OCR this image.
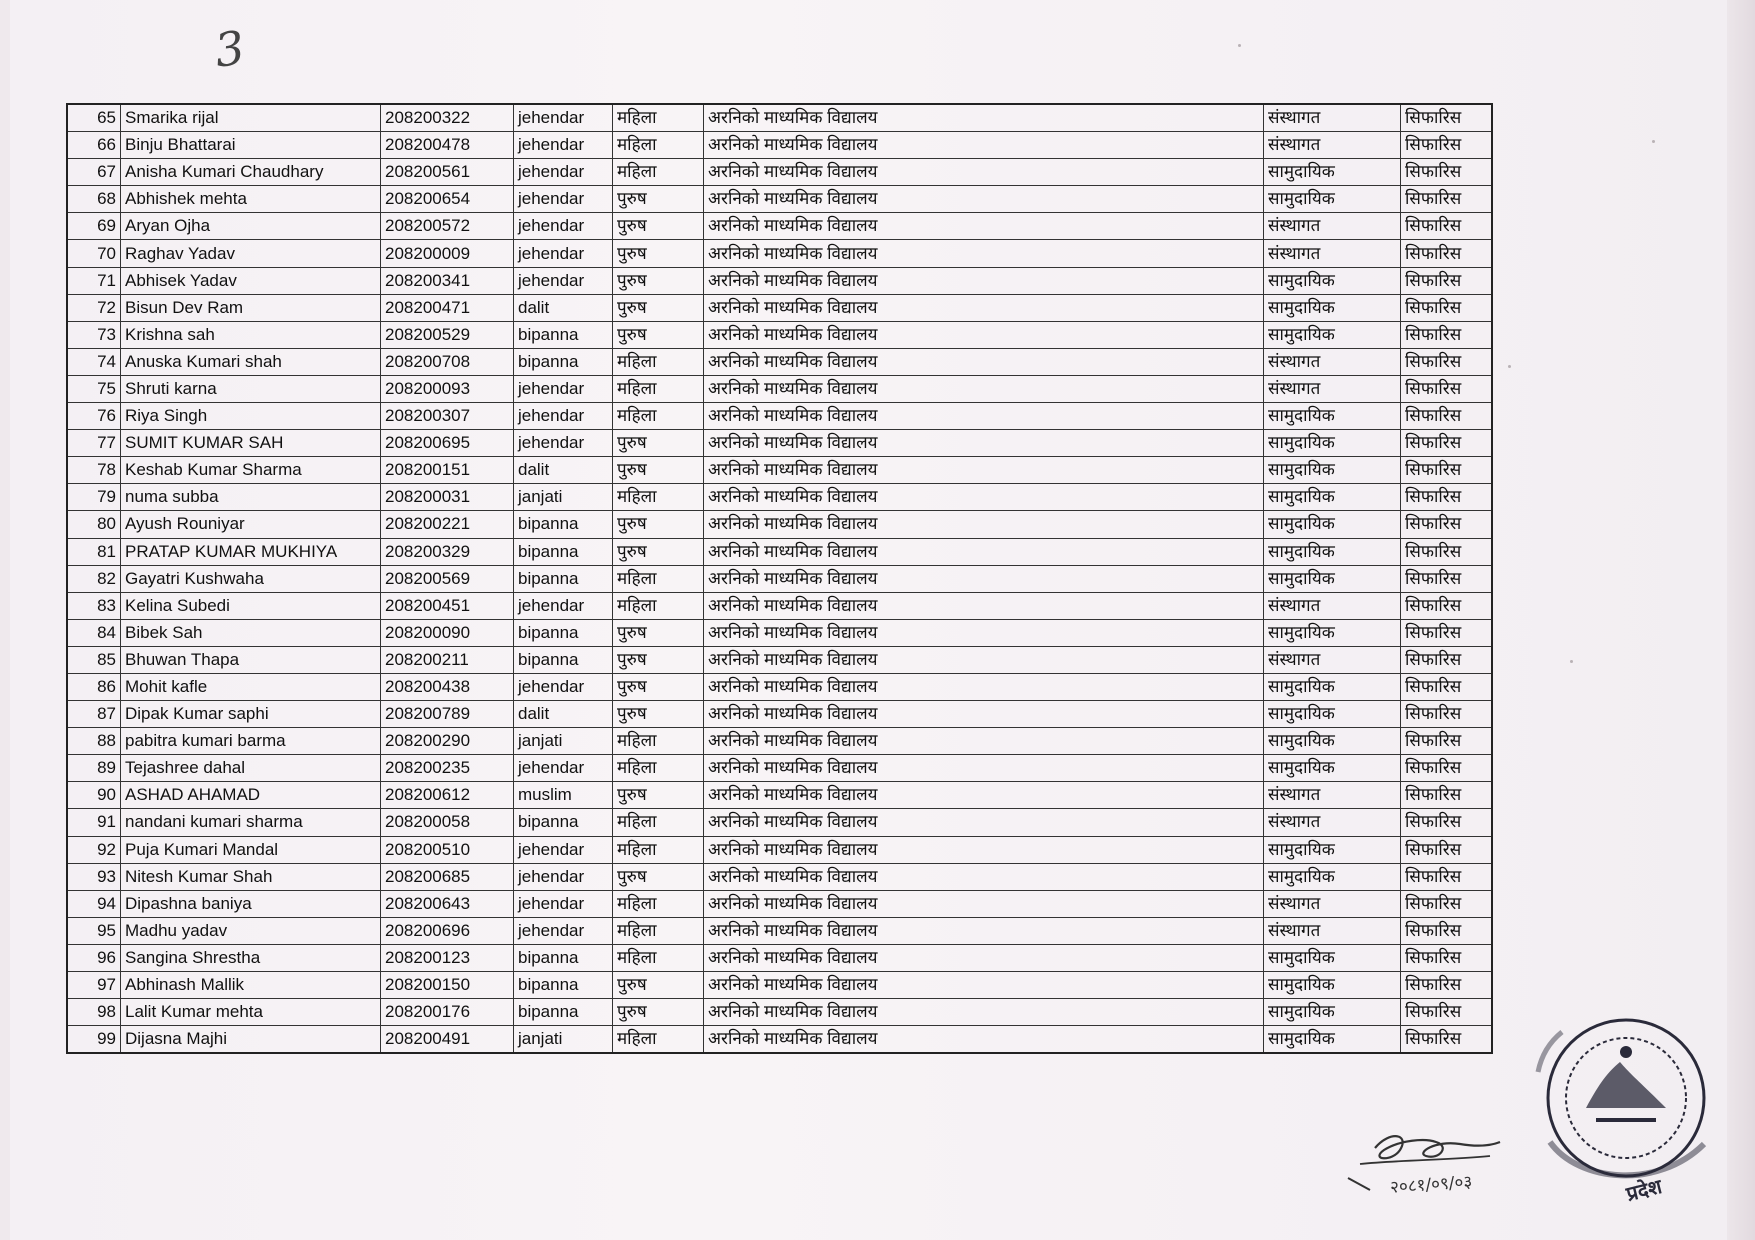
3
65	Smarika rijal	208200322	jehendar	महिला	अरनिको माध्यमिक विद्यालय	संस्थागत	सिफारिस
66	Binju Bhattarai	208200478	jehendar	महिला	अरनिको माध्यमिक विद्यालय	संस्थागत	सिफारिस
67	Anisha Kumari Chaudhary	208200561	jehendar	महिला	अरनिको माध्यमिक विद्यालय	सामुदायिक	सिफारिस
68	Abhishek mehta	208200654	jehendar	पुरुष	अरनिको माध्यमिक विद्यालय	सामुदायिक	सिफारिस
69	Aryan Ojha	208200572	jehendar	पुरुष	अरनिको माध्यमिक विद्यालय	संस्थागत	सिफारिस
70	Raghav Yadav	208200009	jehendar	पुरुष	अरनिको माध्यमिक विद्यालय	संस्थागत	सिफारिस
71	Abhisek Yadav	208200341	jehendar	पुरुष	अरनिको माध्यमिक विद्यालय	सामुदायिक	सिफारिस
72	Bisun Dev Ram	208200471	dalit	पुरुष	अरनिको माध्यमिक विद्यालय	सामुदायिक	सिफारिस
73	Krishna sah	208200529	bipanna	पुरुष	अरनिको माध्यमिक विद्यालय	सामुदायिक	सिफारिस
74	Anuska Kumari shah	208200708	bipanna	महिला	अरनिको माध्यमिक विद्यालय	संस्थागत	सिफारिस
75	Shruti karna	208200093	jehendar	महिला	अरनिको माध्यमिक विद्यालय	संस्थागत	सिफारिस
76	Riya Singh	208200307	jehendar	महिला	अरनिको माध्यमिक विद्यालय	सामुदायिक	सिफारिस
77	SUMIT KUMAR SAH	208200695	jehendar	पुरुष	अरनिको माध्यमिक विद्यालय	सामुदायिक	सिफारिस
78	Keshab Kumar Sharma	208200151	dalit	पुरुष	अरनिको माध्यमिक विद्यालय	सामुदायिक	सिफारिस
79	numa subba	208200031	janjati	महिला	अरनिको माध्यमिक विद्यालय	सामुदायिक	सिफारिस
80	Ayush Rouniyar	208200221	bipanna	पुरुष	अरनिको माध्यमिक विद्यालय	सामुदायिक	सिफारिस
81	PRATAP KUMAR MUKHIYA	208200329	bipanna	पुरुष	अरनिको माध्यमिक विद्यालय	सामुदायिक	सिफारिस
82	Gayatri Kushwaha	208200569	bipanna	महिला	अरनिको माध्यमिक विद्यालय	सामुदायिक	सिफारिस
83	Kelina Subedi	208200451	jehendar	महिला	अरनिको माध्यमिक विद्यालय	संस्थागत	सिफारिस
84	Bibek Sah	208200090	bipanna	पुरुष	अरनिको माध्यमिक विद्यालय	सामुदायिक	सिफारिस
85	Bhuwan Thapa	208200211	bipanna	पुरुष	अरनिको माध्यमिक विद्यालय	संस्थागत	सिफारिस
86	Mohit kafle	208200438	jehendar	पुरुष	अरनिको माध्यमिक विद्यालय	सामुदायिक	सिफारिस
87	Dipak Kumar saphi	208200789	dalit	पुरुष	अरनिको माध्यमिक विद्यालय	सामुदायिक	सिफारिस
88	pabitra kumari barma	208200290	janjati	महिला	अरनिको माध्यमिक विद्यालय	सामुदायिक	सिफारिस
89	Tejashree dahal	208200235	jehendar	महिला	अरनिको माध्यमिक विद्यालय	सामुदायिक	सिफारिस
90	ASHAD AHAMAD	208200612	muslim	पुरुष	अरनिको माध्यमिक विद्यालय	संस्थागत	सिफारिस
91	nandani kumari sharma	208200058	bipanna	महिला	अरनिको माध्यमिक विद्यालय	संस्थागत	सिफारिस
92	Puja Kumari Mandal	208200510	jehendar	महिला	अरनिको माध्यमिक विद्यालय	सामुदायिक	सिफारिस
93	Nitesh Kumar Shah	208200685	jehendar	पुरुष	अरनिको माध्यमिक विद्यालय	सामुदायिक	सिफारिस
94	Dipashna baniya	208200643	jehendar	महिला	अरनिको माध्यमिक विद्यालय	संस्थागत	सिफारिस
95	Madhu yadav	208200696	jehendar	महिला	अरनिको माध्यमिक विद्यालय	संस्थागत	सिफारिस
96	Sangina Shrestha	208200123	bipanna	महिला	अरनिको माध्यमिक विद्यालय	सामुदायिक	सिफारिस
97	Abhinash Mallik	208200150	bipanna	पुरुष	अरनिको माध्यमिक विद्यालय	सामुदायिक	सिफारिस
98	Lalit Kumar mehta	208200176	bipanna	पुरुष	अरनिको माध्यमिक विद्यालय	सामुदायिक	सिफारिस
99	Dijasna Majhi	208200491	janjati	महिला	अरनिको माध्यमिक विद्यालय	सामुदायिक	सिफारिस
२०८१/०९/०३	प्रदेश
